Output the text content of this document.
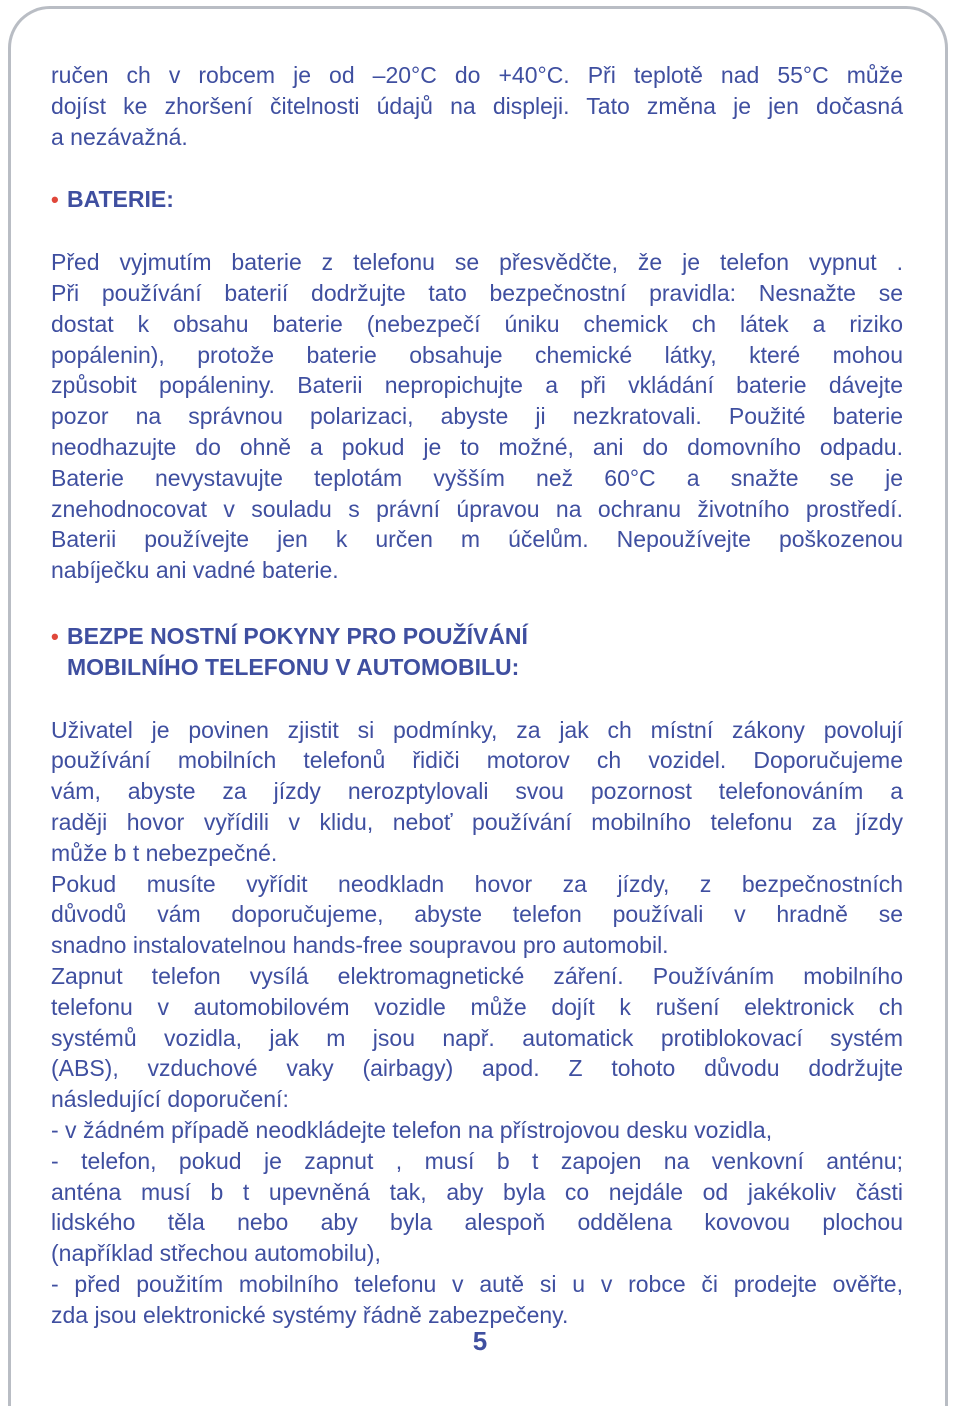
ručen ch v robcem je od –20°C do +40°C. Při teplotě nad 55°C může
dojíst ke zhoršení čitelnosti údajů na displeji. Tato změna je jen dočasná
a nezávažná.
• BATERIE:
Před vyjmutím baterie z telefonu se přesvědčte, že je telefon vypnut .
Při používání baterií dodržujte tato bezpečnostní pravidla: Nesnažte se
dostat k obsahu baterie (nebezpečí úniku chemick ch látek a riziko
popálenin), protože baterie obsahuje chemické látky, které mohou
způsobit popáleniny. Baterii nepropichujte a při vkládání baterie dávejte
pozor na správnou polarizaci, abyste ji nezkratovali. Použité baterie
neodhazujte do ohně a pokud je to možné, ani do domovního odpadu.
Baterie nevystavujte teplotám vyšším než 60°C a snažte se je
znehodnocovat v souladu s právní úpravou na ochranu životního prostředí.
Baterii používejte jen k určen m účelům. Nepoužívejte poškozenou
nabíječku ani vadné baterie.
• BEZPE NOSTNÍ POKYNY PRO POUŽÍVÁNÍ
MOBILNÍHO TELEFONU V AUTOMOBILU:
Uživatel je povinen zjistit si podmínky, za jak ch místní zákony povolují
používání mobilních telefonů řidiči motorov ch vozidel. Doporučujeme
vám, abyste za jízdy nerozptylovali svou pozornost telefonováním a
raději hovor vyřídili v klidu, neboť používání mobilního telefonu za jízdy
může b t nebezpečné.
Pokud musíte vyřídit neodkladn hovor za jízdy, z bezpečnostních
důvodů vám doporučujeme, abyste telefon používali v hradně se
snadno instalovatelnou hands-free soupravou pro automobil.
Zapnut telefon vysílá elektromagnetické záření. Používáním mobilního
telefonu v automobilovém vozidle může dojít k rušení elektronick ch
systémů vozidla, jak m jsou např. automatick protiblokovací systém
(ABS), vzduchové vaky (airbagy) apod. Z tohoto důvodu dodržujte
následující doporučení:
- v žádném případě neodkládejte telefon na přístrojovou desku vozidla,
- telefon, pokud je zapnut , musí b t zapojen na venkovní anténu;
anténa musí b t upevněná tak, aby byla co nejdále od jakékoliv části
lidského těla nebo aby byla alespoň oddělena kovovou plochou
(například střechou automobilu),
- před použitím mobilního telefonu v autě si u v robce či prodejte ověřte,
zda jsou elektronické systémy řádně zabezpečeny.
5
